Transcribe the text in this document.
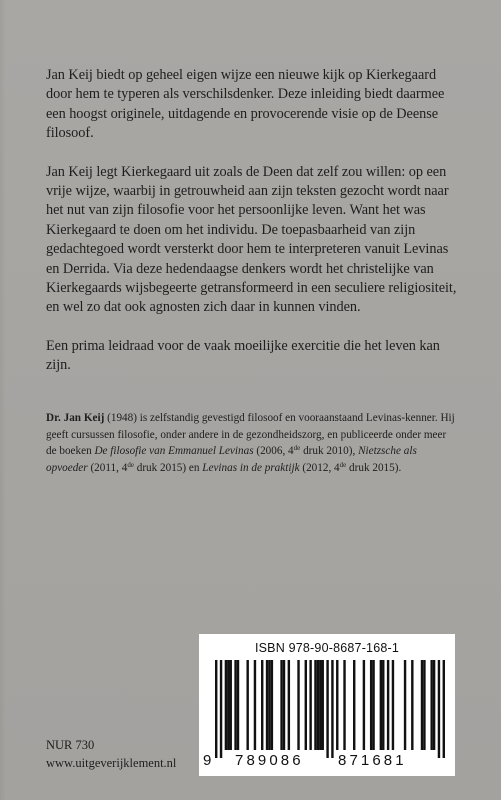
Jan Keij biedt op geheel eigen wijze een nieuwe kijk op Kierkegaard door hem te typeren als verschilsdenker. Deze inleiding biedt daarmee een hoogst originele, uitdagende en provocerende visie op de Deense filosoof.

Jan Keij legt Kierkegaard uit zoals de Deen dat zelf zou willen: op een vrije wijze, waarbij in getrouwheid aan zijn teksten gezocht wordt naar het nut van zijn filosofie voor het persoonlijke leven. Want het was Kierkegaard te doen om het individu. De toepasbaarheid van zijn gedachtegoed wordt versterkt door hem te interpreteren vanuit Levinas en Derrida. Via deze hedendaagse denkers wordt het christelijke van Kierkegaards wijsbegeerte getransformeerd in een seculiere religiositeit, en wel zo dat ook agnosten zich daar in kunnen vinden.

Een prima leidraad voor de vaak moeilijke exercitie die het leven kan zijn.

Dr. Jan Keij (1948) is zelfstandig gevestigd filosoof en vooraanstaand Levinas-kenner. Hij geeft cursussen filosofie, onder andere in de gezondheidszorg, en publiceerde onder meer de boeken De filosofie van Emmanuel Levinas (2006, 4de druk 2010), Nietzsche als opvoeder (2011, 4de druk 2015) en Levinas in de praktijk (2012, 4de druk 2015).

ISBN 978-90-8687-168-1
9 789086 871681
NUR 730
www.uitgeverijklement.nl
